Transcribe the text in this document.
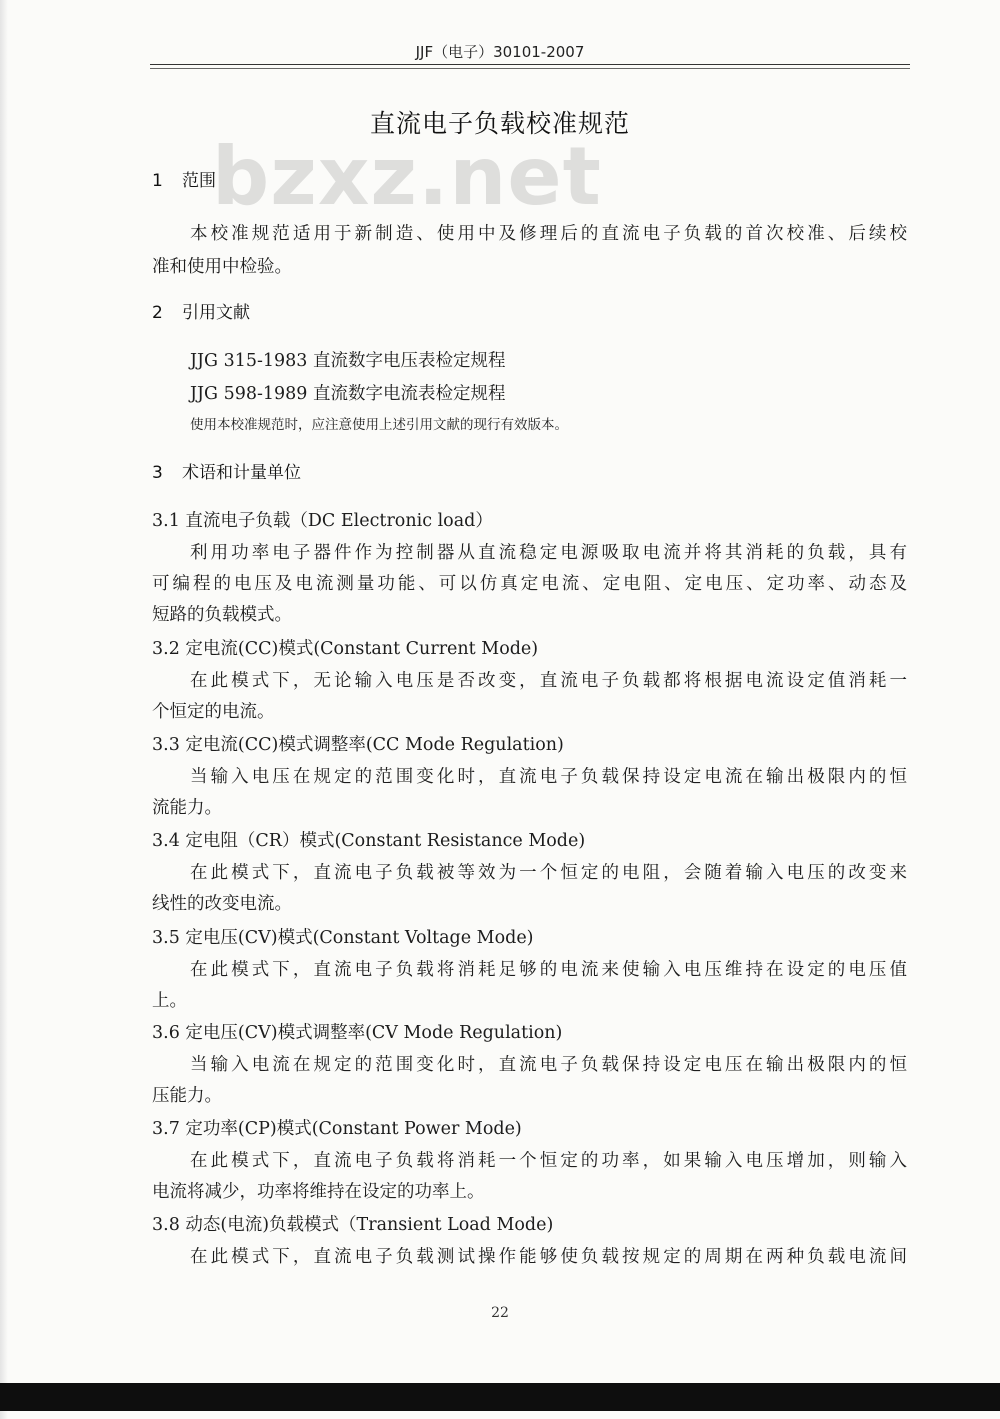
JJF（电子）30101-2007
直流电子负载校准规范
bzxz.net
1 范围
本校准规范适用于新制造、使用中及修理后的直流电子负载的首次校准、后续校
准和使用中检验。
2 引用文献
JJG 315-1983 直流数字电压表检定规程
JJG 598-1989 直流数字电流表检定规程
使用本校准规范时，应注意使用上述引用文献的现行有效版本。
3 术语和计量单位
3.1 直流电子负载（DC Electronic load）
利用功率电子器件作为控制器从直流稳定电源吸取电流并将其消耗的负载，具有
可编程的电压及电流测量功能、可以仿真定电流、定电阻、定电压、定功率、动态及
短路的负载模式。
3.2 定电流(CC)模式(Constant Current Mode)
在此模式下，无论输入电压是否改变，直流电子负载都将根据电流设定值消耗一
个恒定的电流。
3.3 定电流(CC)模式调整率(CC Mode Regulation)
当输入电压在规定的范围变化时，直流电子负载保持设定电流在输出极限内的恒
流能力。
3.4 定电阻（CR）模式(Constant Resistance Mode)
在此模式下，直流电子负载被等效为一个恒定的电阻，会随着输入电压的改变来
线性的改变电流。
3.5 定电压(CV)模式(Constant Voltage Mode)
在此模式下，直流电子负载将消耗足够的电流来使输入电压维持在设定的电压值
上。
3.6 定电压(CV)模式调整率(CV Mode Regulation)
当输入电流在规定的范围变化时，直流电子负载保持设定电压在输出极限内的恒
压能力。
3.7 定功率(CP)模式(Constant Power Mode)
在此模式下，直流电子负载将消耗一个恒定的功率，如果输入电压增加，则输入
电流将减少，功率将维持在设定的功率上。
3.8 动态(电流)负载模式（Transient Load Mode)
在此模式下，直流电子负载测试操作能够使负载按规定的周期在两种负载电流间
22
